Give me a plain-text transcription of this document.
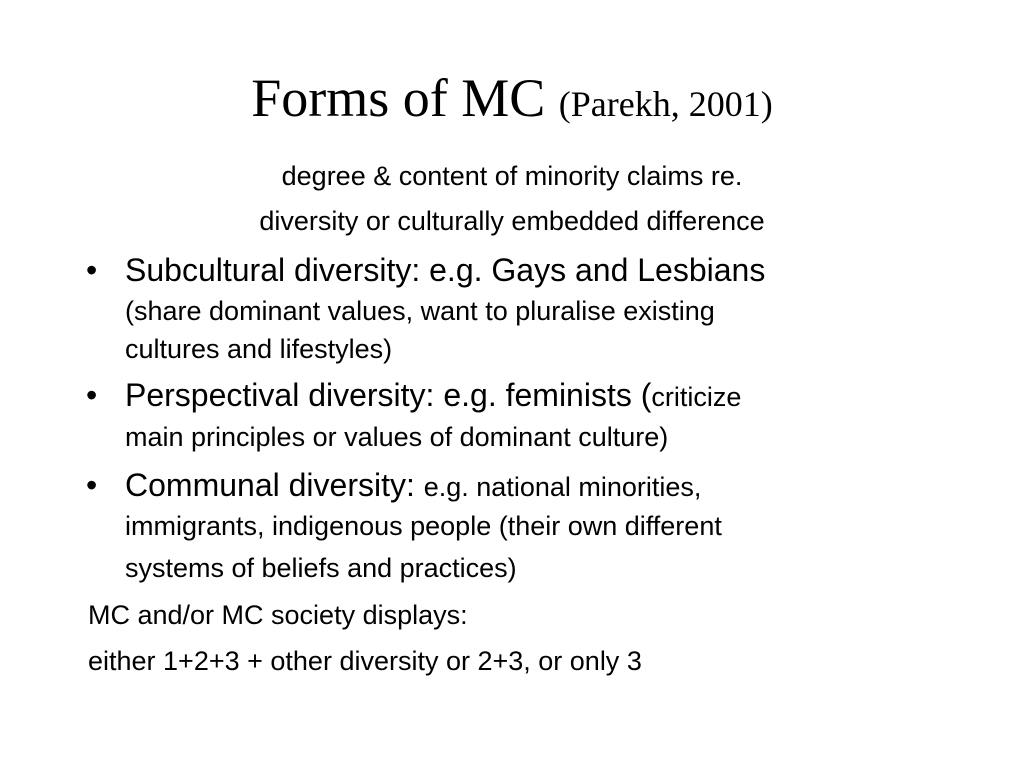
Forms of MC (Parekh, 2001)
degree & content of minority claims re.
diversity or culturally embedded difference
• Subcultural diversity: e.g. Gays and Lesbians
(share dominant values, want to pluralise existing
cultures and lifestyles)
• Perspectival diversity: e.g. feminists (criticize
main principles or values of dominant culture)
• Communal diversity: e.g. national minorities,
immigrants, indigenous people (their own different
systems of beliefs and practices)
MC and/or MC society displays:
either 1+2+3 + other diversity or 2+3, or only 3
